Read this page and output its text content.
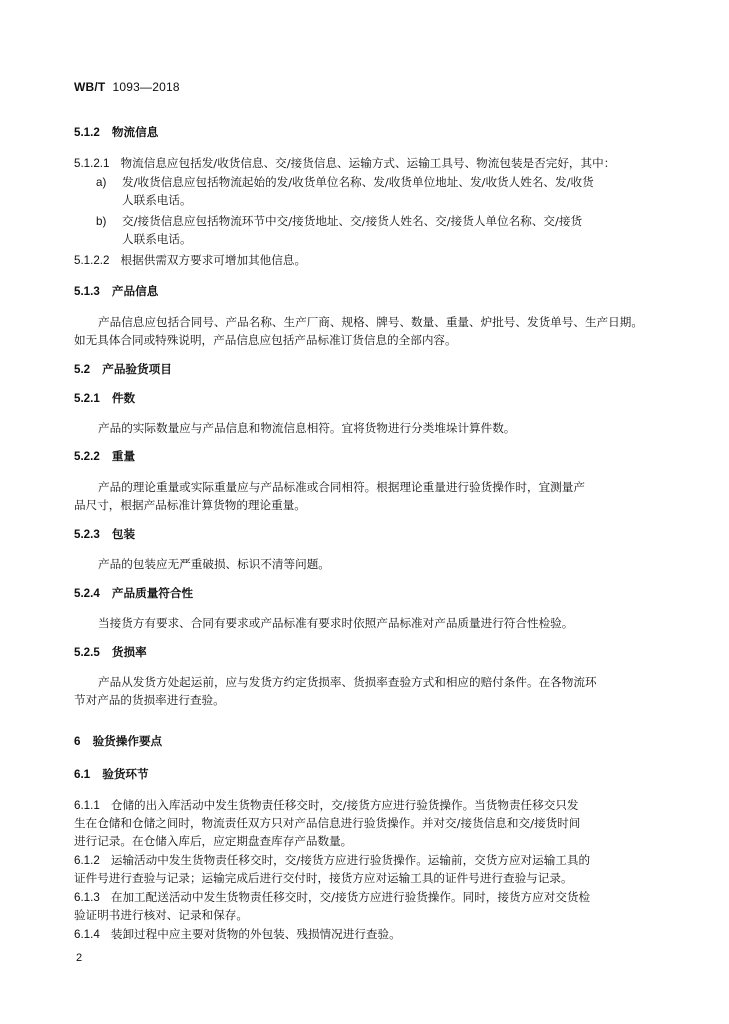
WB/T 1093—2018
5.1.2 物流信息
5.1.2.1 物流信息应包括发/收货信息、交/接货信息、运输方式、运输工具号、物流包装是否完好，其中：
a) 发/收货信息应包括物流起始的发/收货单位名称、发/收货单位地址、发/收货人姓名、发/收货
人联系电话。
b) 交/接货信息应包括物流环节中交/接货地址、交/接货人姓名、交/接货人单位名称、交/接货
人联系电话。
5.1.2.2 根据供需双方要求可增加其他信息。
5.1.3 产品信息
产品信息应包括合同号、产品名称、生产厂商、规格、牌号、数量、重量、炉批号、发货单号、生产日期。
如无具体合同或特殊说明，产品信息应包括产品标准订货信息的全部内容。
5.2 产品验货项目
5.2.1 件数
产品的实际数量应与产品信息和物流信息相符。宜将货物进行分类堆垛计算件数。
5.2.2 重量
产品的理论重量或实际重量应与产品标准或合同相符。根据理论重量进行验货操作时，宜测量产
品尺寸，根据产品标准计算货物的理论重量。
5.2.3 包装
产品的包装应无严重破损、标识不清等问题。
5.2.4 产品质量符合性
当接货方有要求、合同有要求或产品标准有要求时依照产品标准对产品质量进行符合性检验。
5.2.5 货损率
产品从发货方处起运前，应与发货方约定货损率、货损率查验方式和相应的赔付条件。在各物流环
节对产品的货损率进行查验。
6 验货操作要点
6.1 验货环节
6.1.1 仓储的出入库活动中发生货物责任移交时，交/接货方应进行验货操作。当货物责任移交只发
生在仓储和仓储之间时，物流责任双方只对产品信息进行验货操作。并对交/接货信息和交/接货时间
进行记录。在仓储入库后，应定期盘查库存产品数量。
6.1.2 运输活动中发生货物责任移交时，交/接货方应进行验货操作。运输前，交货方应对运输工具的
证件号进行查验与记录；运输完成后进行交付时，接货方应对运输工具的证件号进行查验与记录。
6.1.3 在加工配送活动中发生货物责任移交时，交/接货方应进行验货操作。同时，接货方应对交货检
验证明书进行核对、记录和保存。
6.1.4 装卸过程中应主要对货物的外包装、残损情况进行查验。
2
